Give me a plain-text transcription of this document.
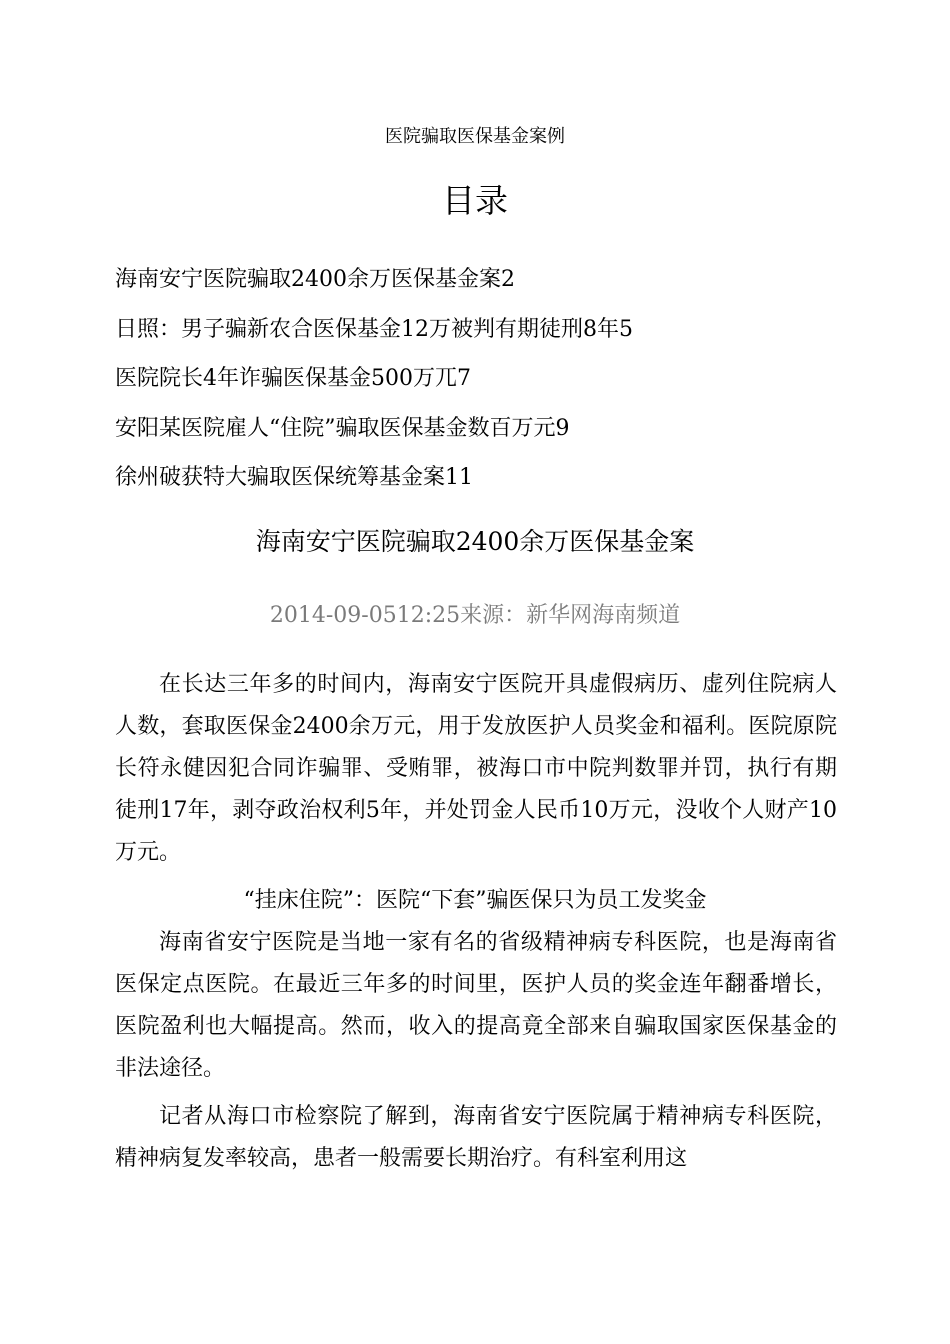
医院骗取医保基金案例
目录
海南安宁医院骗取2400余万医保基金案2
日照：男子骗新农合医保基金12万被判有期徒刑8年5
医院院长4年诈骗医保基金500万兀7
安阳某医院雇人“住院”骗取医保基金数百万元9
徐州破获特大骗取医保统筹基金案11
海南安宁医院骗取2400余万医保基金案
2014-09-0512:25来源：新华网海南频道

在长达三年多的时间内，海南安宁医院开具虚假病历、虚列住院病人人数，套取医保金2400余万元，用于发放医护人员奖金和福利。医院原院长符永健因犯合同诈骗罪、受贿罪，被海口市中院判数罪并罚，执行有期徒刑17年，剥夺政治权利5年，并处罚金人民币10万元，没收个人财产10万元。

“挂床住院”：医院“下套”骗医保只为员工发奖金

海南省安宁医院是当地一家有名的省级精神病专科医院，也是海南省医保定点医院。在最近三年多的时间里，医护人员的奖金连年翻番增长，医院盈利也大幅提高。然而，收入的提高竟全部来自骗取国家医保基金的非法途径。

记者从海口市检察院了解到，海南省安宁医院属于精神病专科医院，精神病复发率较高，患者一般需要长期治疗。有科室利用这
